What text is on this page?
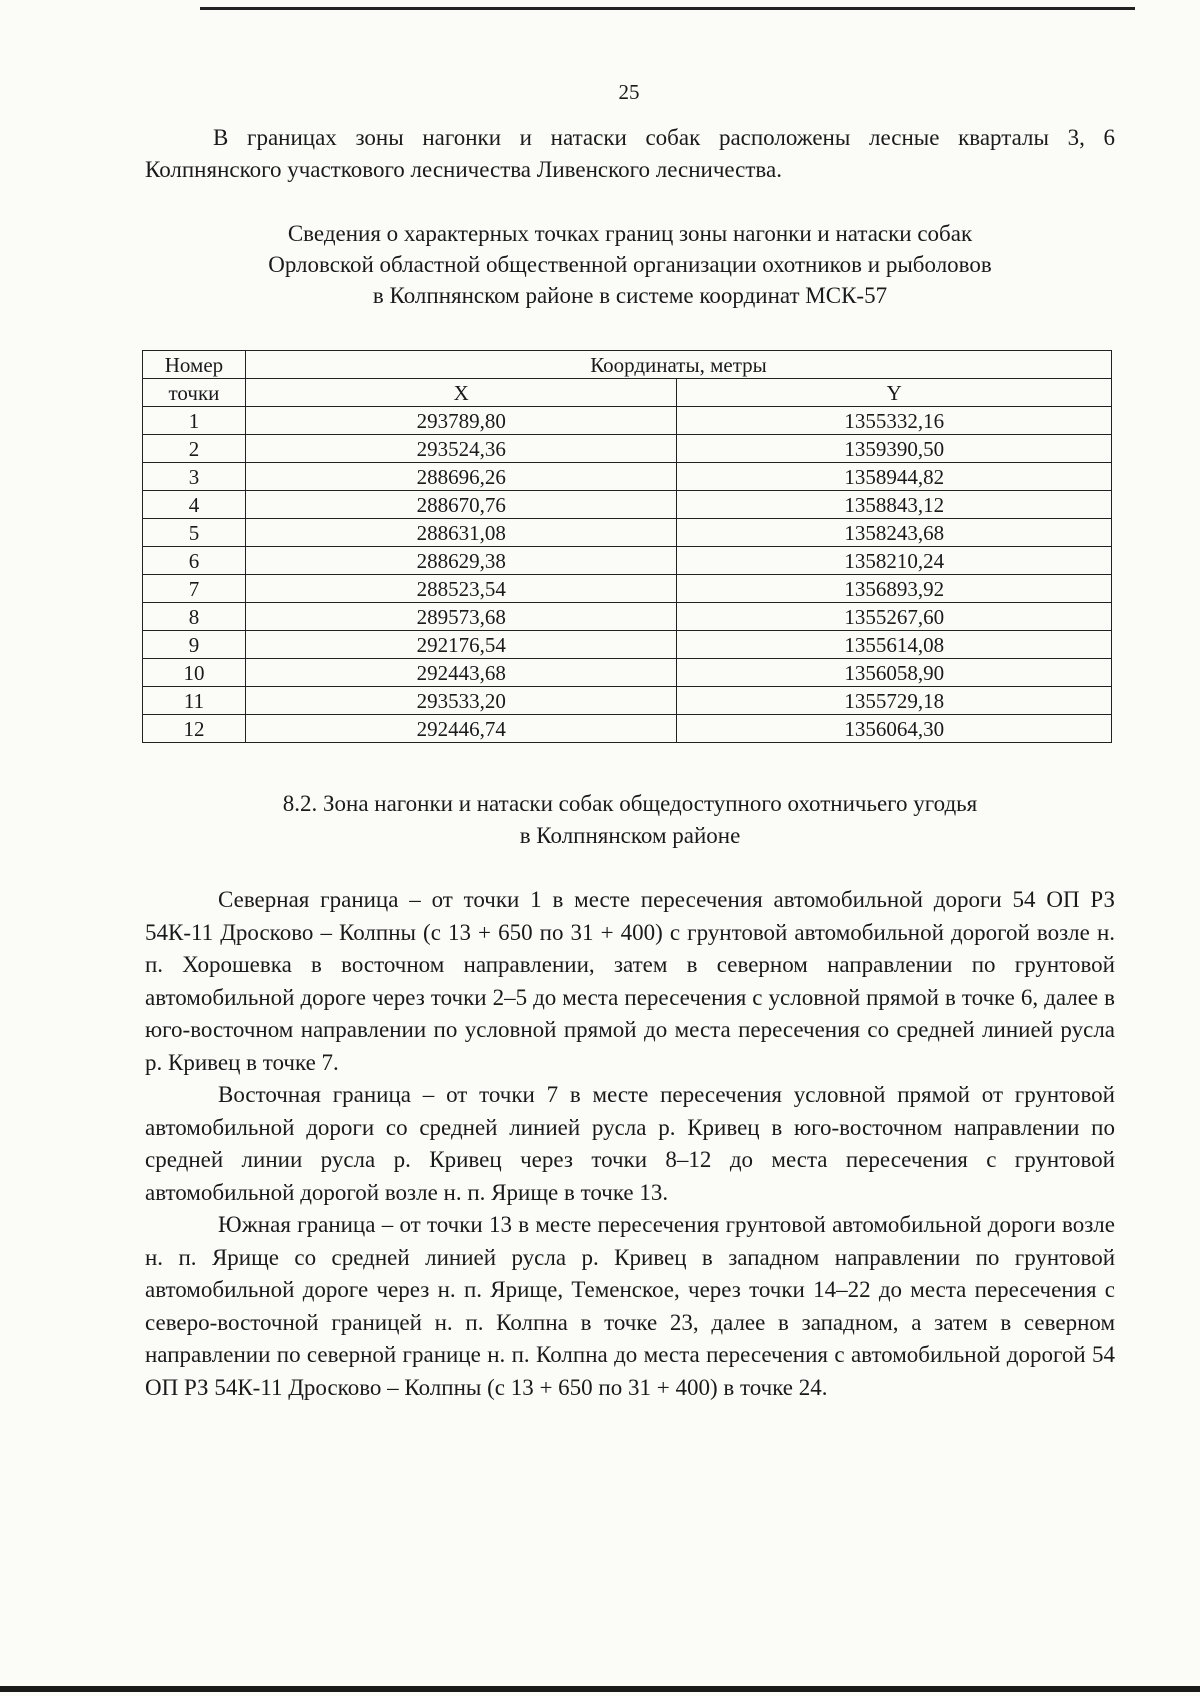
25

В границах зоны нагонки и натаски собак расположены лесные кварталы 3, 6 Колпнянского участкового лесничества Ливенского лесничества.

Сведения о характерных точках границ зоны нагонки и натаски собак
Орловской областной общественной организации охотников и рыболовов
в Колпнянском районе в системе координат МСК-57
Номер	Координаты, метры	
точки	X	Y
1	293789,80	1355332,16
2	293524,36	1359390,50
3	288696,26	1358944,82
4	288670,76	1358843,12
5	288631,08	1358243,68
6	288629,38	1358210,24
7	288523,54	1356893,92
8	289573,68	1355267,60
9	292176,54	1355614,08
10	292443,68	1356058,90
11	293533,20	1355729,18
12	292446,74	1356064,30
8.2. Зона нагонки и натаски собак общедоступного охотничьего угодья
в Колпнянском районе

Северная граница – от точки 1 в месте пересечения автомобильной дороги 54 ОП РЗ 54К-11 Дросково – Колпны (с 13 + 650 по 31 + 400) с грунтовой автомобильной дорогой возле н. п. Хорошевка в восточном направлении, затем в северном направлении по грунтовой автомобильной дороге через точки 2–5 до места пересечения с условной прямой в точке 6, далее в юго-восточном направлении по условной прямой до места пересечения со средней линией русла р. Кривец в точке 7.

Восточная граница – от точки 7 в месте пересечения условной прямой от грунтовой автомобильной дороги со средней линией русла р. Кривец в юго-восточном направлении по средней линии русла р. Кривец через точки 8–12 до места пересечения с грунтовой автомобильной дорогой возле н. п. Ярище в точке 13.

Южная граница – от точки 13 в месте пересечения грунтовой автомобильной дороги возле н. п. Ярище со средней линией русла р. Кривец в западном направлении по грунтовой автомобильной дороге через н. п. Ярище, Теменское, через точки 14–22 до места пересечения с северо-восточной границей н. п. Колпна в точке 23, далее в западном, а затем в северном направлении по северной границе н. п. Колпна до места пересечения с автомобильной дорогой 54 ОП РЗ 54К-11 Дросково – Колпны (с 13 + 650 по 31 + 400) в точке 24.
